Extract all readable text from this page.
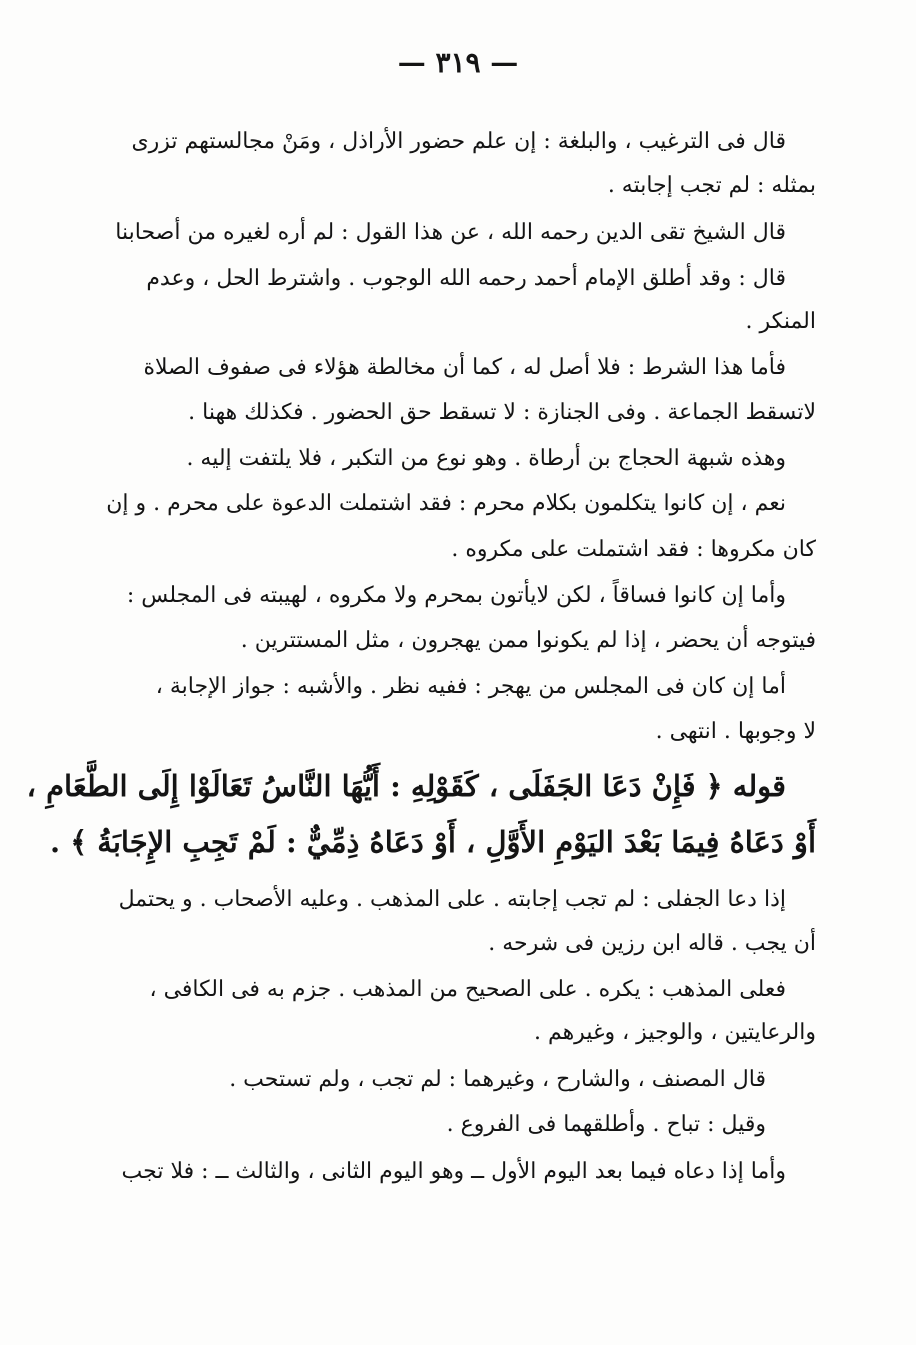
— ٣١٩ —
قال فى الترغيب ، والبلغة : إن علم حضور الأراذل ، ومَنْ مجالستهم تزرى
بمثله : لم تجب إجابته .
قال الشيخ تقى الدين رحمه الله ، عن هذا القول : لم أره لغيره من أصحابنا
قال : وقد أطلق الإمام أحمد رحمه الله الوجوب . واشترط الحل ، وعدم
المنكر .
فأما هذا الشرط : فلا أصل له ، كما أن مخالطة هؤلاء فى صفوف الصلاة
لاتسقط الجماعة . وفى الجنازة : لا تسقط حق الحضور . فكذلك ههنا .
وهذه شبهة الحجاج بن أرطاة . وهو نوع من التكبر ، فلا يلتفت إليه .
نعم ، إن كانوا يتكلمون بكلام محرم : فقد اشتملت الدعوة على محرم . و إن
كان مكروها : فقد اشتملت على مكروه .
وأما إن كانوا فساقاً ، لكن لايأتون بمحرم ولا مكروه ، لهيبته فى المجلس :
فيتوجه أن يحضر ، إذا لم يكونوا ممن يهجرون ، مثل المستترين .
أما إن كان فى المجلس من يهجر : ففيه نظر . والأشبه : جواز الإجابة ،
لا وجوبها . انتهى .
قوله ﴿ فَإِنْ دَعَا الجَفَلَى ، كَقَوْلِهِ : أَيُّهَا النَّاسُ تَعَالَوْا إِلَى الطَّعَامِ ،
أَوْ دَعَاهُ فِيمَا بَعْدَ اليَوْمِ الأَوَّلِ ، أَوْ دَعَاهُ ذِمِّيٌّ : لَمْ تَجِبِ الإِجَابَةُ ﴾ .
إذا دعا الجفلى : لم تجب إجابته . على المذهب . وعليه الأصحاب . و يحتمل
أن يجب . قاله ابن رزين فى شرحه .
فعلى المذهب : يكره . على الصحيح من المذهب . جزم به فى الكافى ،
والرعايتين ، والوجيز ، وغيرهم .
قال المصنف ، والشارح ، وغيرهما : لم تجب ، ولم تستحب .
وقيل : تباح . وأطلقهما فى الفروع .
وأما إذا دعاه فيما بعد اليوم الأول ــ وهو اليوم الثانى ، والثالث ــ : فلا تجب
